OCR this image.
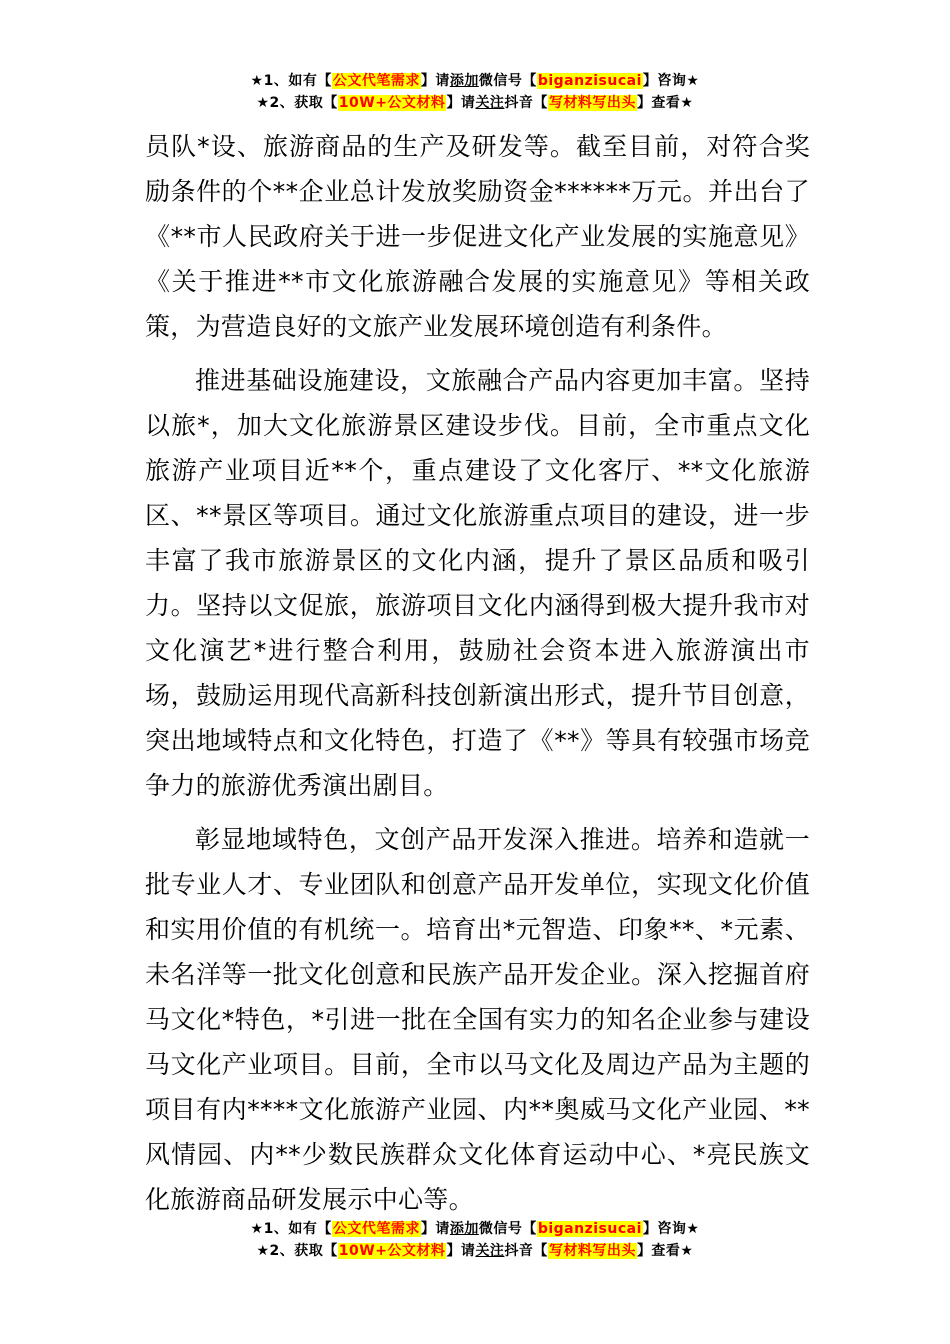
★1、如有【公文代笔需求】请添加微信号【biganzisucai】咨询★
★2、获取【10W+公文材料】请关注抖音【写材料写出头】查看★

员队*设、旅游商品的生产及研发等。截至目前，对符合奖励条件的个**企业总计发放奖励资金******万元。并出台了《**市人民政府关于进一步促进文化产业发展的实施意见》《关于推进**市文化旅游融合发展的实施意见》等相关政策，为营造良好的文旅产业发展环境创造有利条件。

推进基础设施建设，文旅融合产品内容更加丰富。坚持以旅*，加大文化旅游景区建设步伐。目前，全市重点文化旅游产业项目近**个，重点建设了文化客厅、**文化旅游区、**景区等项目。通过文化旅游重点项目的建设，进一步丰富了我市旅游景区的文化内涵，提升了景区品质和吸引力。坚持以文促旅，旅游项目文化内涵得到极大提升我市对文化演艺*进行整合利用，鼓励社会资本进入旅游演出市场，鼓励运用现代高新科技创新演出形式，提升节目创意，突出地域特点和文化特色，打造了《**》等具有较强市场竞争力的旅游优秀演出剧目。

彰显地域特色，文创产品开发深入推进。培养和造就一批专业人才、专业团队和创意产品开发单位，实现文化价值和实用价值的有机统一。培育出*元智造、印象**、*元素、未名洋等一批文化创意和民族产品开发企业。深入挖掘首府马文化*特色，*引进一批在全国有实力的知名企业参与建设马文化产业项目。目前，全市以马文化及周边产品为主题的项目有内****文化旅游产业园、内**奥威马文化产业园、**风情园、内**少数民族群众文化体育运动中心、*亮民族文化旅游商品研发展示中心等。

★1、如有【公文代笔需求】请添加微信号【biganzisucai】咨询★
★2、获取【10W+公文材料】请关注抖音【写材料写出头】查看★
